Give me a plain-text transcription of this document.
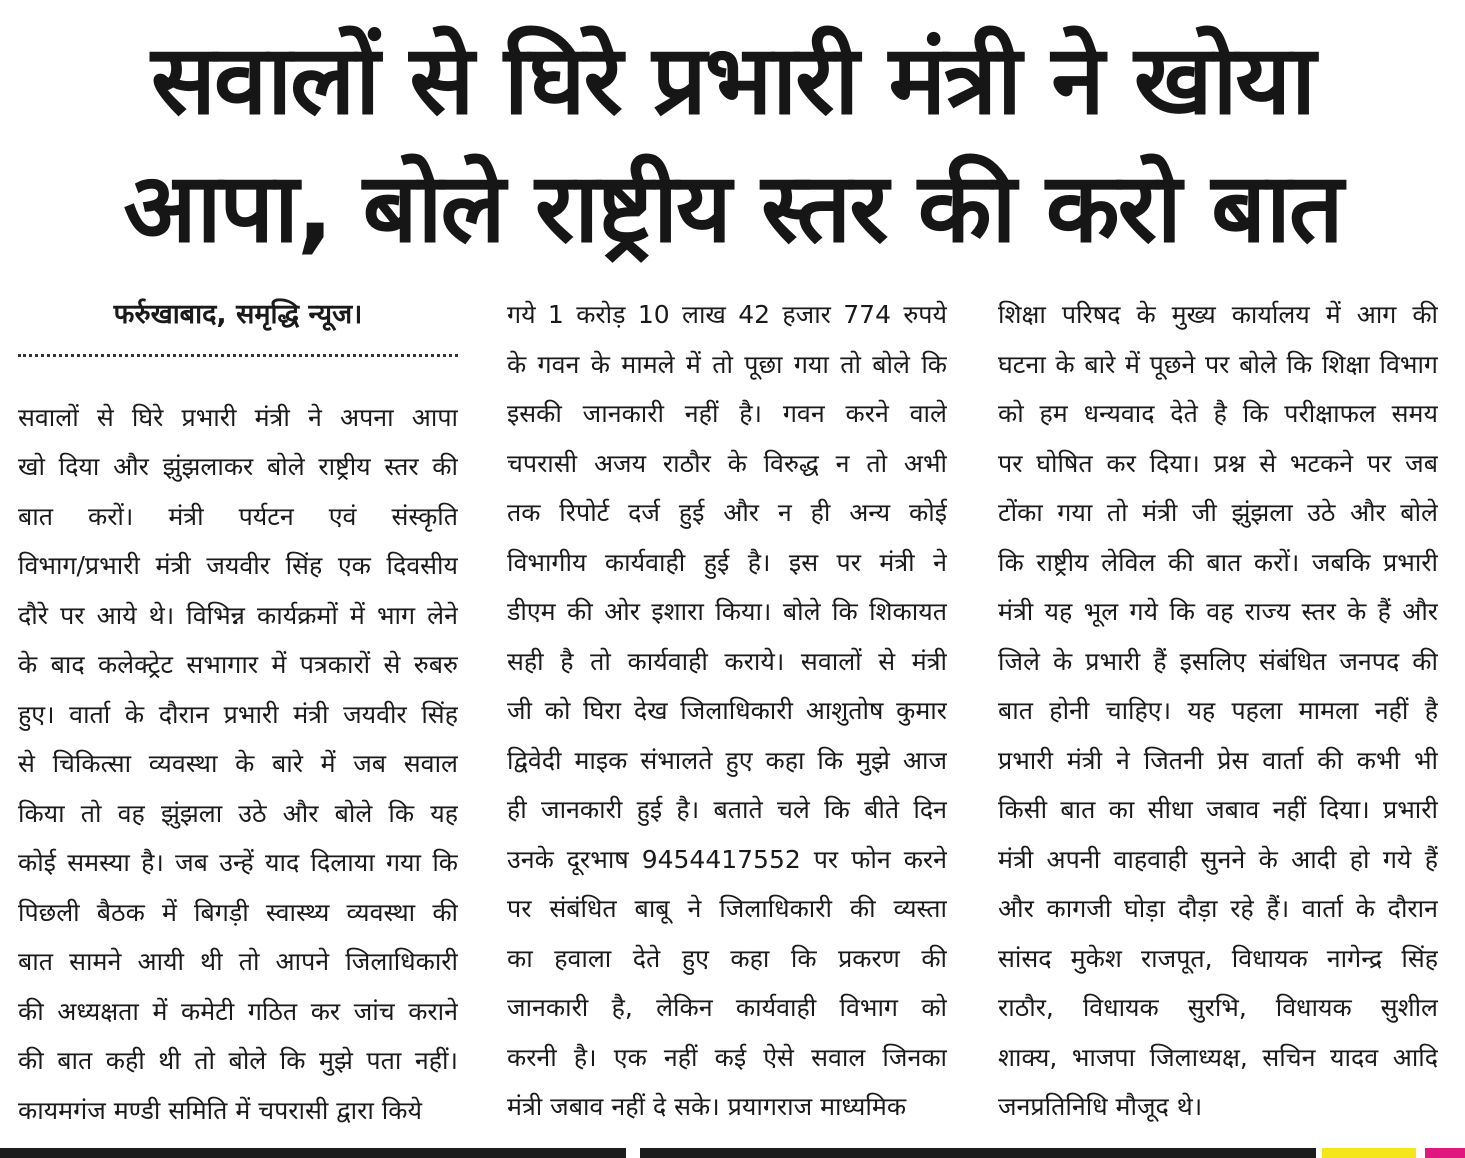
सवालों से घिरे प्रभारी मंत्री ने खोया
आपा, बोले राष्ट्रीय स्तर की करो बात
फर्रुखाबाद, समृद्धि न्यूज।
सवालों से घिरे प्रभारी मंत्री ने अपना आपा
खो दिया और झुंझलाकर बोले राष्ट्रीय स्तर की
बात करों। मंत्री पर्यटन एवं संस्कृति
विभाग/प्रभारी मंत्री जयवीर सिंह एक दिवसीय
दौरे पर आये थे। विभिन्न कार्यक्रमों में भाग लेने
के बाद कलेक्ट्रेट सभागार में पत्रकारों से रुबरु
हुए। वार्ता के दौरान प्रभारी मंत्री जयवीर सिंह
से चिकित्सा व्यवस्था के बारे में जब सवाल
किया तो वह झुंझला उठे और बोले कि यह
कोई समस्या है। जब उन्हें याद दिलाया गया कि
पिछली बैठक में बिगड़ी स्वास्थ्य व्यवस्था की
बात सामने आयी थी तो आपने जिलाधिकारी
की अध्यक्षता में कमेटी गठित कर जांच कराने
की बात कही थी तो बोले कि मुझे पता नहीं।
कायमगंज मण्डी समिति में चपरासी द्वारा किये
गये 1 करोड़ 10 लाख 42 हजार 774 रुपये
के गवन के मामले में तो पूछा गया तो बोले कि
इसकी जानकारी नहीं है। गवन करने वाले
चपरासी अजय राठौर के विरुद्ध न तो अभी
तक रिपोर्ट दर्ज हुई और न ही अन्य कोई
विभागीय कार्यवाही हुई है। इस पर मंत्री ने
डीएम की ओर इशारा किया। बोले कि शिकायत
सही है तो कार्यवाही कराये। सवालों से मंत्री
जी को घिरा देख जिलाधिकारी आशुतोष कुमार
द्विवेदी माइक संभालते हुए कहा कि मुझे आज
ही जानकारी हुई है। बताते चले कि बीते दिन
उनके दूरभाष 9454417552 पर फोन करने
पर संबंधित बाबू ने जिलाधिकारी की व्यस्ता
का हवाला देते हुए कहा कि प्रकरण की
जानकारी है, लेकिन कार्यवाही विभाग को
करनी है। एक नहीं कई ऐसे सवाल जिनका
मंत्री जबाव नहीं दे सके। प्रयागराज माध्यमिक
शिक्षा परिषद के मुख्य कार्यालय में आग की
घटना के बारे में पूछने पर बोले कि शिक्षा विभाग
को हम धन्यवाद देते है कि परीक्षाफल समय
पर घोषित कर दिया। प्रश्न से भटकने पर जब
टोंका गया तो मंत्री जी झुंझला उठे और बोले
कि राष्ट्रीय लेविल की बात करों। जबकि प्रभारी
मंत्री यह भूल गये कि वह राज्य स्तर के हैं और
जिले के प्रभारी हैं इसलिए संबंधित जनपद की
बात होनी चाहिए। यह पहला मामला नहीं है
प्रभारी मंत्री ने जितनी प्रेस वार्ता की कभी भी
किसी बात का सीधा जबाव नहीं दिया। प्रभारी
मंत्री अपनी वाहवाही सुनने के आदी हो गये हैं
और कागजी घोड़ा दौड़ा रहे हैं। वार्ता के दौरान
सांसद मुकेश राजपूत, विधायक नागेन्द्र सिंह
राठौर, विधायक सुरभि, विधायक सुशील
शाक्य, भाजपा जिलाध्यक्ष, सचिन यादव आदि
जनप्रतिनिधि मौजूद थे।
